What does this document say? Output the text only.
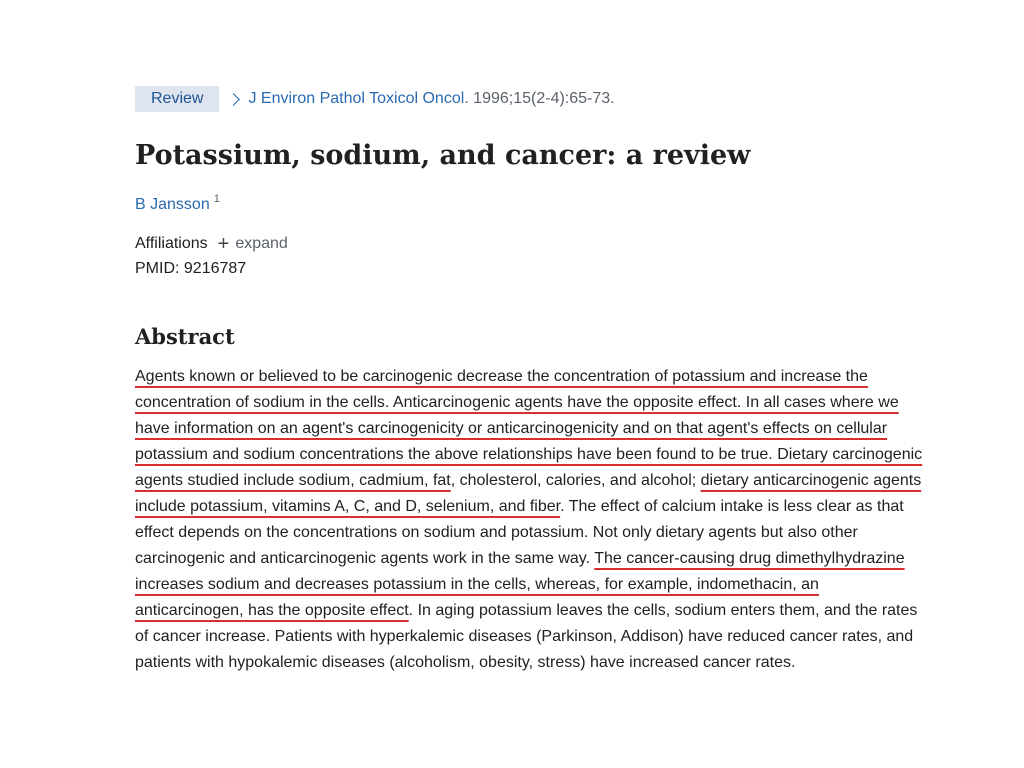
Review	J Environ Pathol Toxicol Oncol . 1996;15(2-4):65-73.
Potassium, sodium, and cancer: a review
B Jansson $^1$
Affiliations + expand
PMID: 9216787
Abstract
Agents known or believed to be carcinogenic decrease the concentration of potassium and increase the concentration of sodium in the cells. Anticarcinogenic agents have the opposite effect. In all cases where we have information on an agent's carcinogenicity or anticarcinogenicity and on that agent's effects on cellular potassium and sodium concentrations the above relationships have been found to be true. Dietary carcinogenic agents studied include sodium, cadmium, fat, cholesterol, calories, and alcohol; dietary anticarcinogenic agents include potassium, vitamins A, C, and D, selenium, and fiber. The effect of calcium intake is less clear as that effect depends on the concentrations on sodium and potassium. Not only dietary agents but also other carcinogenic and anticarcinogenic agents work in the same way. The cancer-causing drug dimethylhydrazine increases sodium and decreases potassium in the cells, whereas, for example, indomethacin, an anticarcinogen, has the opposite effect. In aging potassium leaves the cells, sodium enters them, and the rates of cancer increase. Patients with hyperkalemic diseases (Parkinson, Addison) have reduced cancer rates, and patients with hypokalemic diseases (alcoholism, obesity, stress) have increased cancer rates.
